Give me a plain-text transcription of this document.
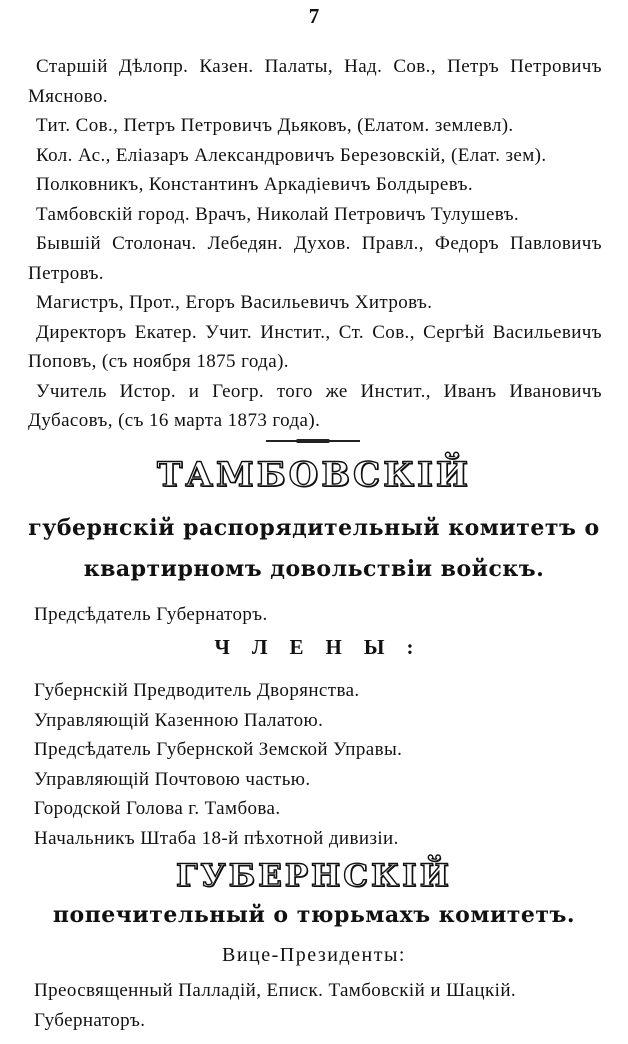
7
Старшій Дѣлопр. Казен. Палаты, Над. Сов., Петръ Петровичъ Мясново.
Тит. Сов., Петръ Петровичъ Дьяковъ, (Елатом. землевл).
Кол. Ас., Еліазаръ Александровичъ Березовскій, (Елат. зем).
Полковникъ, Константинъ Аркадіевичъ Болдыревъ.
Тамбовскій город. Врачъ, Николай Петровичъ Тулушевъ.
Бывшій Столонач. Лебедян. Духов. Правл., Федоръ Павловичъ Петровъ.
Магистръ, Прот., Егоръ Васильевичъ Хитровъ.
Директоръ Екатер. Учит. Инстит., Ст. Сов., Сергѣй Васильевичъ Поповъ, (съ ноября 1875 года).
Учитель Истор. и Геогр. того же Инстит., Иванъ Ивановичъ Дубасовъ, (съ 16 марта 1873 года).
ТАМБОВСКІЙ
губернскій распорядительный комитетъ о
квартирномъ довольствіи войскъ.
Предсѣдатель Губернаторъ.
ЧЛЕНЫ:
Губернскій Предводитель Дворянства.
Управляющій Казенною Палатою.
Предсѣдатель Губернской Земской Управы.
Управляющій Почтовою частью.
Городской Голова г. Тамбова.
Начальникъ Штаба 18-й пѣхотной дивизіи.
ГУБЕРНСКІЙ
попечительный о тюрьмахъ комитетъ.
Вице-Президенты:
Преосвященный Палладій, Еписк. Тамбовскій и Шацкій.
Губернаторъ.
